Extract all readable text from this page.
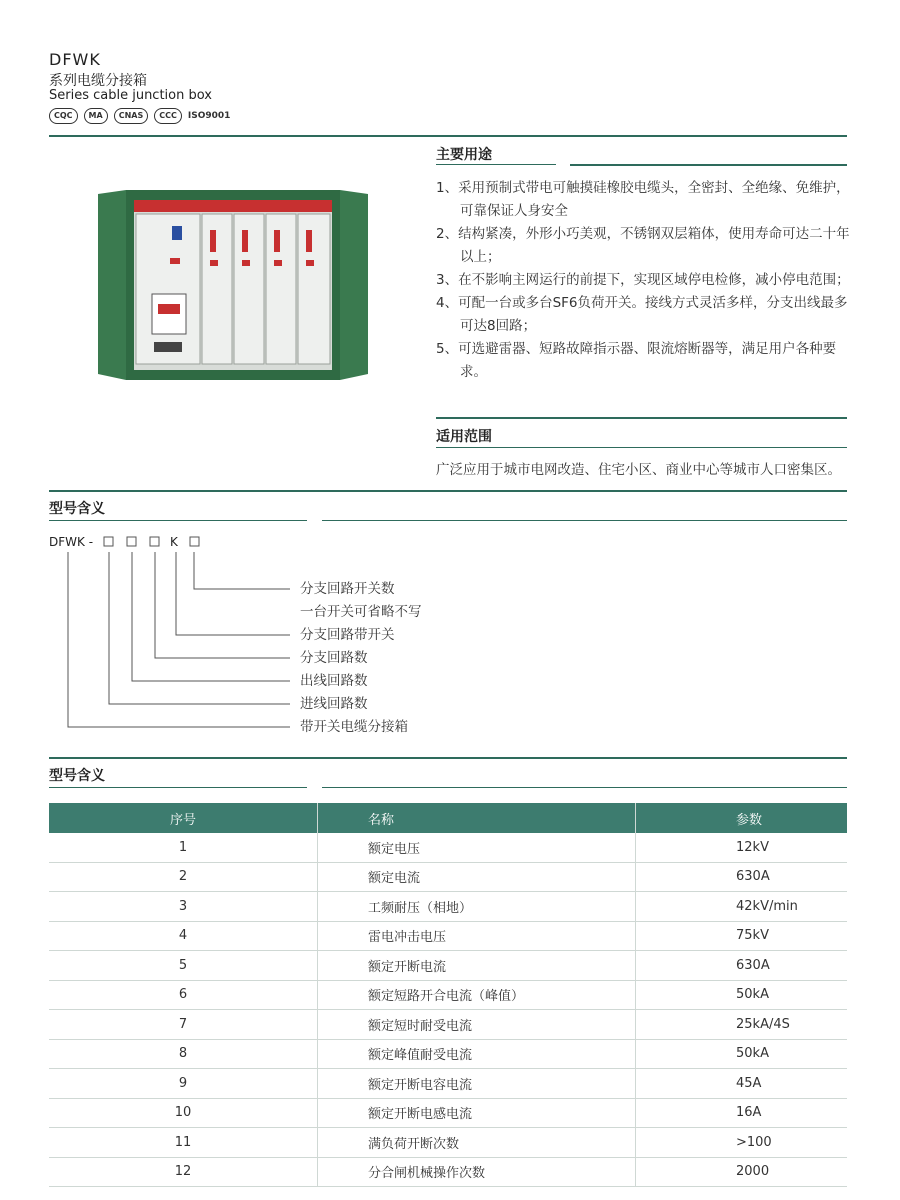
DFWK
系列电缆分接箱
Series cable junction box
CQC	MA	CNAS	CCC	ISO9001
主要用途
1、采用预制式带电可触摸硅橡胶电缆头，全密封、全绝缘、免维护，可靠保证人身安全
2、结构紧凑，外形小巧美观，不锈钢双层箱体，使用寿命可达二十年以上；
3、在不影响主网运行的前提下，实现区域停电检修，减小停电范围；
4、可配一台或多台SF6负荷开关。接线方式灵活多样，分支出线最多可达8回路；
5、可选避雷器、短路故障指示器、限流熔断器等，满足用户各种要求。
适用范围
广泛应用于城市电网改造、住宅小区、商业中心等城市人口密集区。
型号含义
DFWK -	K
分支回路开关数
一台开关可省略不写
分支回路带开关
分支回路数
出线回路数
进线回路数
带开关电缆分接箱
型号含义
序号	名称	参数
1	额定电压	12kV
2	额定电流	630A
3	工频耐压（相地）	42kV/min
4	雷电冲击电压	75kV
5	额定开断电流	630A
6	额定短路开合电流（峰值）	50kA
7	额定短时耐受电流	25kA/4S
8	额定峰值耐受电流	50kA
9	额定开断电容电流	45A
10	额定开断电感电流	16A
11	满负荷开断次数	>100
12	分合闸机械操作次数	2000
